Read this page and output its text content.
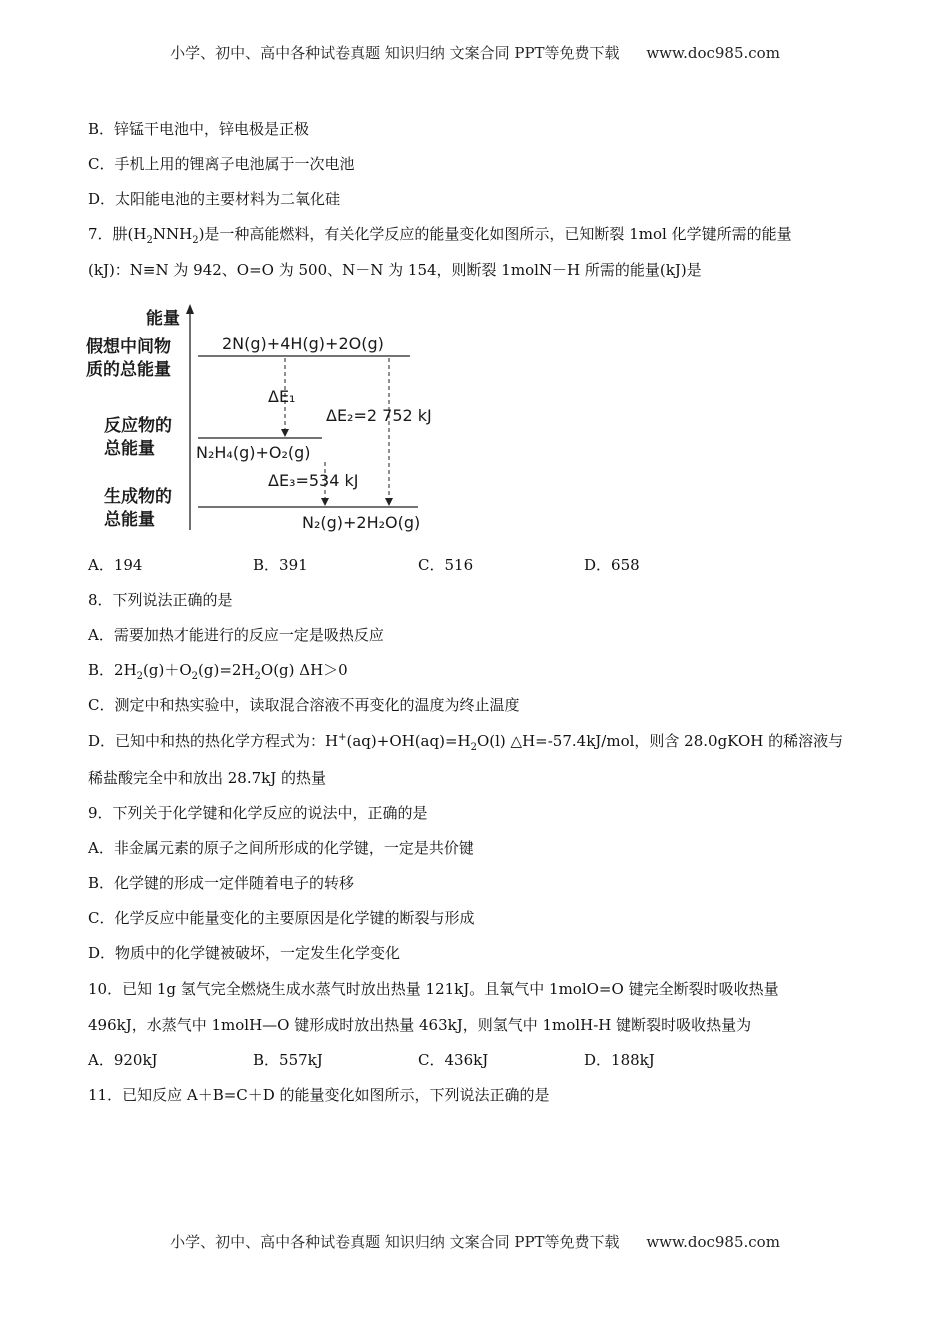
小学、初中、高中各种试卷真题 知识归纳 文案合同 PPT等免费下载 www.doc985.com
B．锌锰干电池中，锌电极是正极
C．手机上用的锂离子电池属于一次电池
D．太阳能电池的主要材料为二氧化硅
7．肼$(H_2NNH_2)$是一种高能燃料，有关化学反应的能量变化如图所示，已知断裂 1mol 化学键所需的能量
(kJ)：N≡N 为 942、O=O 为 500、N－N 为 154，则断裂 1molN－H 所需的能量(kJ)是
能量
假想中间物
质的总能量
反应物的
总能量
生成物的
总能量
2N(g)+4H(g)+2O(g)
N₂H₄(g)+O₂(g)
N₂(g)+2H₂O(g)
ΔE₁
ΔE₂=2 752 kJ
ΔE₃=534 kJ
A．194	B．391	C．516	D．658
8．下列说法正确的是
A．需要加热才能进行的反应一定是吸热反应
B．$2H_2(g)+O_2(g)=2H_2O(g)$ ΔH＞0
C．测定中和热实验中，读取混合溶液不再变化的温度为终止温度
D．已知中和热的热化学方程式为：$H^+(aq)+OH(aq)=H_2O(l)$ △H=-57.4kJ/mol，则含 28.0gKOH 的稀溶液与
稀盐酸完全中和放出 28.7kJ 的热量
9．下列关于化学键和化学反应的说法中，正确的是
A．非金属元素的原子之间所形成的化学键，一定是共价键
B．化学键的形成一定伴随着电子的转移
C．化学反应中能量变化的主要原因是化学键的断裂与形成
D．物质中的化学键被破坏，一定发生化学变化
10．已知 1g 氢气完全燃烧生成水蒸气时放出热量 121kJ。且氧气中 1molO=O 键完全断裂时吸收热量
496kJ，水蒸气中 1molH—O 键形成时放出热量 463kJ，则氢气中 1molH-H 键断裂时吸收热量为
A．920kJ	B．557kJ	C．436kJ	D．188kJ
11．已知反应 A＋B=C＋D 的能量变化如图所示，下列说法正确的是
小学、初中、高中各种试卷真题 知识归纳 文案合同 PPT等免费下载 www.doc985.com
